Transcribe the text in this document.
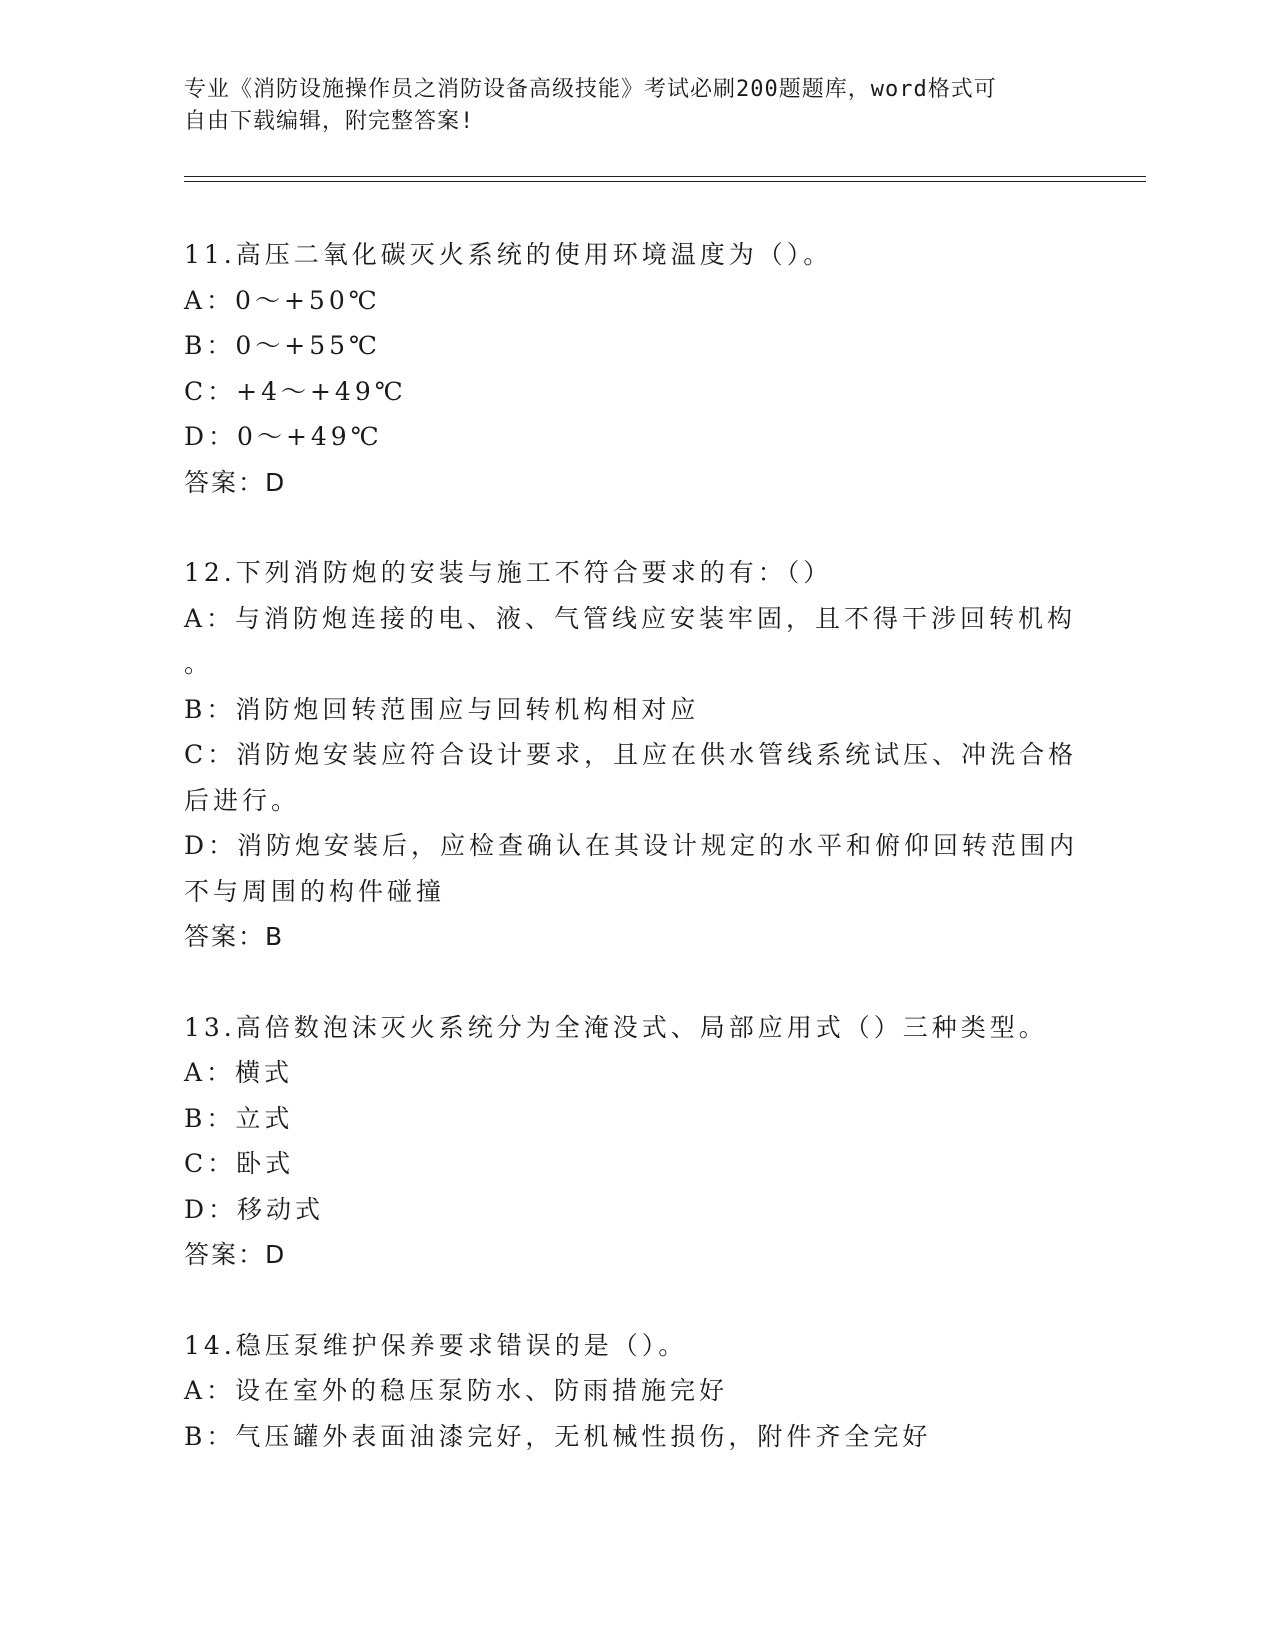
专业《消防设施操作员之消防设备高级技能》考试必刷200题题库，word格式可
自由下载编辑，附完整答案!
11.高压二氧化碳灭火系统的使用环境温度为（）。
A：0～+50℃
B：0～+55℃
C：+4～+49℃
D：0～+49℃
答案：D
12.下列消防炮的安装与施工不符合要求的有：（）
A：与消防炮连接的电、液、气管线应安装牢固，且不得干涉回转机构
。
B：消防炮回转范围应与回转机构相对应
C：消防炮安装应符合设计要求，且应在供水管线系统试压、冲洗合格
后进行。
D：消防炮安装后，应检查确认在其设计规定的水平和俯仰回转范围内
不与周围的构件碰撞
答案：B
13.高倍数泡沫灭火系统分为全淹没式、局部应用式（）三种类型。
A：横式
B：立式
C：卧式
D：移动式
答案：D
14.稳压泵维护保养要求错误的是（）。
A：设在室外的稳压泵防水、防雨措施完好
B：气压罐外表面油漆完好，无机械性损伤，附件齐全完好
